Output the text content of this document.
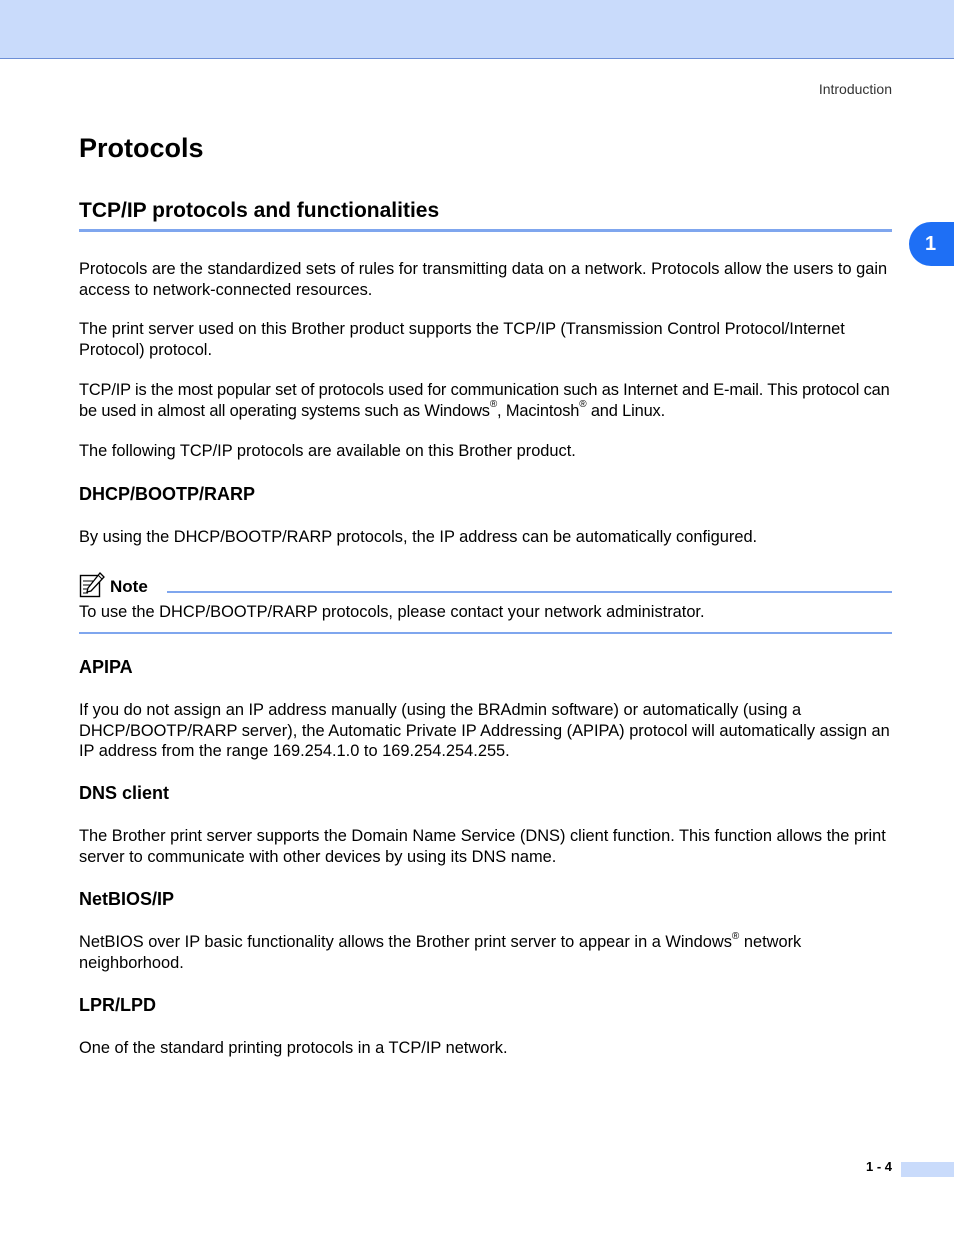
Introduction
1
Protocols
TCP/IP protocols and functionalities

Protocols are the standardized sets of rules for transmitting data on a network. Protocols allow the users to gain access to network-connected resources.

The print server used on this Brother product supports the TCP/IP (Transmission Control Protocol/Internet Protocol) protocol.

TCP/IP is the most popular set of protocols used for communication such as Internet and E-mail. This protocol can be used in almost all operating systems such as Windows®, Macintosh® and Linux.

The following TCP/IP protocols are available on this Brother product.

DHCP/BOOTP/RARP

By using the DHCP/BOOTP/RARP protocols, the IP address can be automatically configured.

Note

To use the DHCP/BOOTP/RARP protocols, please contact your network administrator.

APIPA

If you do not assign an IP address manually (using the BRAdmin software) or automatically (using a DHCP/BOOTP/RARP server), the Automatic Private IP Addressing (APIPA) protocol will automatically assign an IP address from the range 169.254.1.0 to 169.254.254.255.

DNS client

The Brother print server supports the Domain Name Service (DNS) client function. This function allows the print server to communicate with other devices by using its DNS name.

NetBIOS/IP

NetBIOS over IP basic functionality allows the Brother print server to appear in a Windows® network neighborhood.

LPR/LPD

One of the standard printing protocols in a TCP/IP network.

1 - 4
